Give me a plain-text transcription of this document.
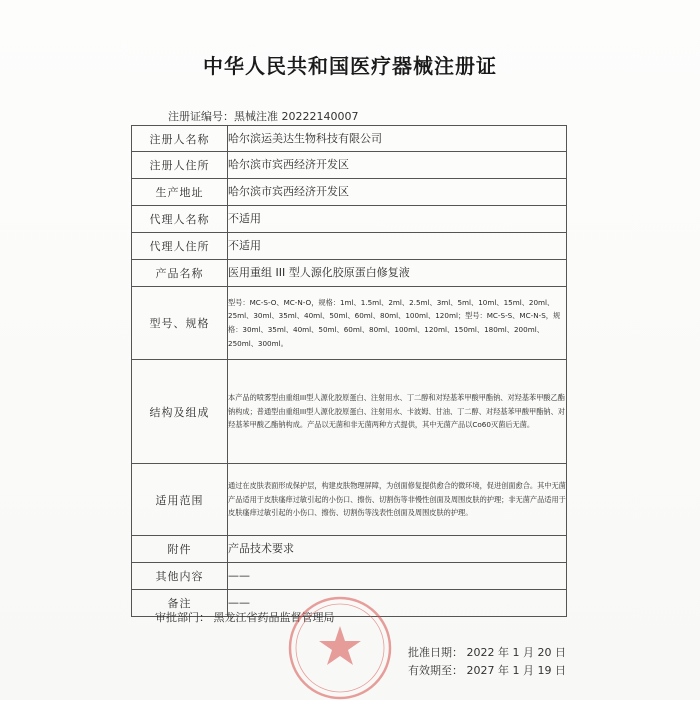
中华人民共和国医疗器械注册证
注册证编号：黑械注准 20222140007
注册人名称	哈尔滨运美达生物科技有限公司
注册人住所	哈尔滨市宾西经济开发区
生产地址	哈尔滨市宾西经济开发区
代理人名称	不适用
代理人住所	不适用
产品名称	医用重组 III 型人源化胶原蛋白修复液
型号、规格	型号：MC-S-O、MC-N-O，规格：1ml、1.5ml、2ml、2.5ml、3ml、5ml、10ml、15ml、20ml、25ml、30ml、35ml、40ml、50ml、60ml、80ml、100ml、120ml；型号：MC-S-S、MC-N-S，规格：30ml、35ml、40ml、50ml、60ml、80ml、100ml、120ml、150ml、180ml、200ml、250ml、300ml。
结构及组成	本产品的喷雾型由重组III型人源化胶原蛋白、注射用水、丁二醇和对羟基苯甲酸甲酯钠、对羟基苯甲酸乙酯钠构成；普通型由重组III型人源化胶原蛋白、注射用水、卡波姆、甘油、丁二醇、对羟基苯甲酸甲酯钠、对羟基苯甲酸乙酯钠构成。产品以无菌和非无菌两种方式提供，其中无菌产品以Co60灭菌后无菌。
适用范围	通过在皮肤表面形成保护层，构建皮肤物理屏障，为创面修复提供愈合的微环境，促进创面愈合。其中无菌产品适用于皮肤瘙痒过敏引起的小伤口、擦伤、切割伤等非慢性创面及周围皮肤的护理；非无菌产品适用于皮肤瘙痒过敏引起的小伤口、擦伤、切割伤等浅表性创面及周围皮肤的护理。
附件	产品技术要求
其他内容	——
备注	——
审批部门： 黑龙江省药品监督管理局
批准日期： 2022 年 1 月 20 日
有效期至： 2027 年 1 月 19 日
